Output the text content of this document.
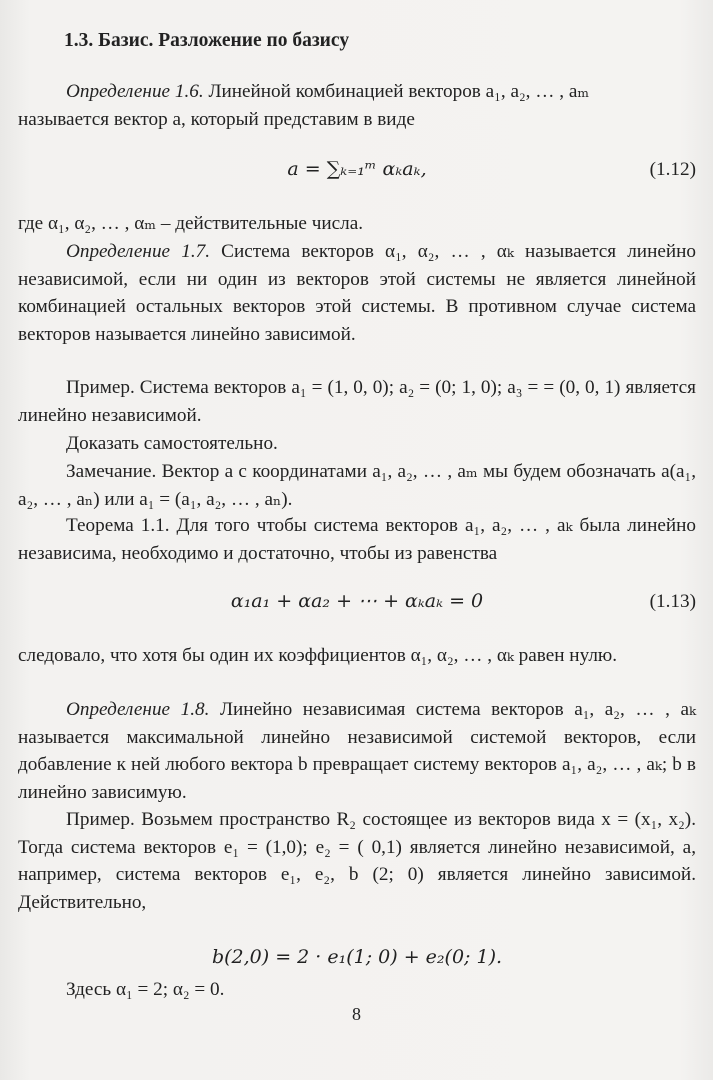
1.3. Базис. Разложение по базису
Определение 1.6. Линейной комбинацией векторов a₁, a₂, … , aₘ
называется вектор a, который представим в виде
a = ∑ₖ₌₁ᵐ αₖaₖ,	(1.12)
где α₁, α₂, … , αₘ – действительные числа.
Определение 1.7. Система векторов α₁, α₂, … , αₖ называется линейно независимой, если ни один из векторов этой системы не является линейной комбинацией остальных векторов этой системы. В противном случае система векторов называется линейно зависимой.
Пример. Система векторов a₁ = (1, 0, 0); a₂ = (0; 1, 0); a₃ = = (0, 0, 1) является линейно независимой.
Доказать самостоятельно.
Замечание. Вектор a с координатами a₁, a₂, … , aₘ мы будем обозначать a(a₁, a₂, … , aₙ) или a₁ = (a₁, a₂, … , aₙ).
Теорема 1.1. Для того чтобы система векторов a₁, a₂, … , aₖ была линейно независима, необходимо и достаточно, чтобы из равенства
α₁a₁ + αa₂ + ⋯ + αₖaₖ = 0	(1.13)
следовало, что хотя бы один их коэффициентов α₁, α₂, … , αₖ равен нулю.
Определение 1.8. Линейно независимая система векторов a₁, a₂, … , aₖ называется максимальной линейно независимой системой векторов, если добавление к ней любого вектора b превращает систему векторов a₁, a₂, … , aₖ; b в линейно зависимую.
Пример. Возьмем пространство R₂ состоящее из векторов вида x = (x₁, x₂). Тогда система векторов e₁ = (1,0); e₂ = ( 0,1) является линейно независимой, а, например, система векторов e₁, e₂, b (2; 0) является линейно зависимой. Действительно,
b(2,0) = 2 · e₁(1; 0) + e₂(0; 1).
Здесь α₁ = 2; α₂ = 0.
8
